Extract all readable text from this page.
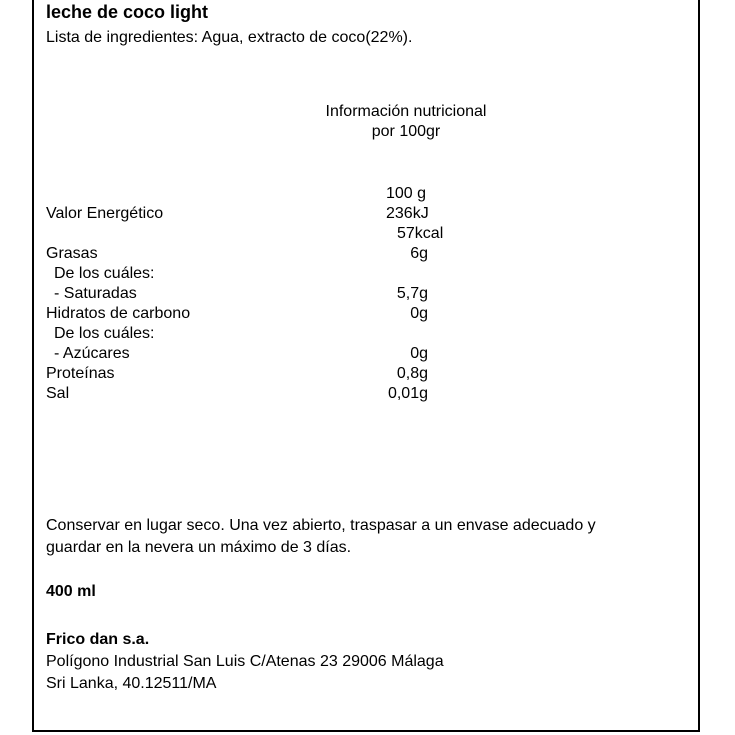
leche de coco light
Lista de ingredientes: Agua, extracto de coco(22%).
Información nutricional
por 100gr
100 g
Valor Energético	236kJ
57kcal
Grasas	6g
De los cuáles:
- Saturadas	5,7g
Hidratos de carbono	0g
De los cuáles:
- Azúcares	0g
Proteínas	0,8g
Sal	0,01g
Conservar en lugar seco. Una vez abierto, traspasar a un envase adecuado y
guardar en la nevera un máximo de 3 días.
400 ml
Frico dan s.a.
Polígono Industrial San Luis C/Atenas 23 29006 Málaga
Sri Lanka, 40.12511/MA
